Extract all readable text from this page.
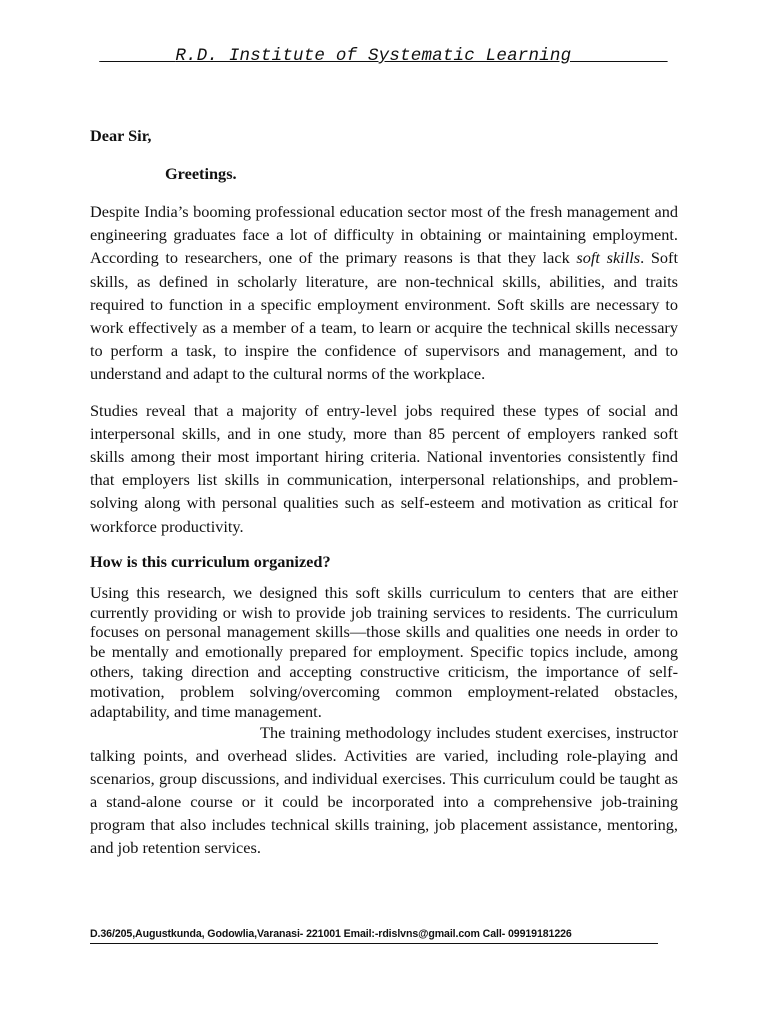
_______R.D. Institute of Systematic Learning_________

Dear Sir,

Greetings.

Despite India’s booming professional education sector most of the fresh management and engineering graduates face a lot of difficulty in obtaining or maintaining employment. According to researchers, one of the primary reasons is that they lack soft skills. Soft skills, as defined in scholarly literature, are non-technical skills, abilities, and traits required to function in a specific employment environment. Soft skills are necessary to work effectively as a member of a team, to learn or acquire the technical skills necessary to perform a task, to inspire the confidence of supervisors and management, and to understand and adapt to the cultural norms of the workplace.

Studies reveal that a majority of entry-level jobs required these types of social and interpersonal skills, and in one study, more than 85 percent of employers ranked soft skills among their most important hiring criteria. National inventories consistently find that employers list skills in communication, interpersonal relationships, and problem-solving along with personal qualities such as self-esteem and motivation as critical for workforce productivity.

How is this curriculum organized?

Using this research, we designed this soft skills curriculum to centers that are either currently providing or wish to provide job training services to residents. The curriculum focuses on personal management skills—those skills and qualities one needs in order to be mentally and emotionally prepared for employment. Specific topics include, among others, taking direction and accepting constructive criticism, the importance of self-motivation, problem solving/overcoming common employment-related obstacles, adaptability, and time management.

The training methodology includes student exercises, instructor talking points, and overhead slides. Activities are varied, including role-playing and scenarios, group discussions, and individual exercises. This curriculum could be taught as a stand-alone course or it could be incorporated into a comprehensive job-training program that also includes technical skills training, job placement assistance, mentoring, and job retention services.

D.36/205,Augustkunda, Godowlia,Varanasi- 221001 Email:-rdislvns@gmail.com Call- 09919181226
